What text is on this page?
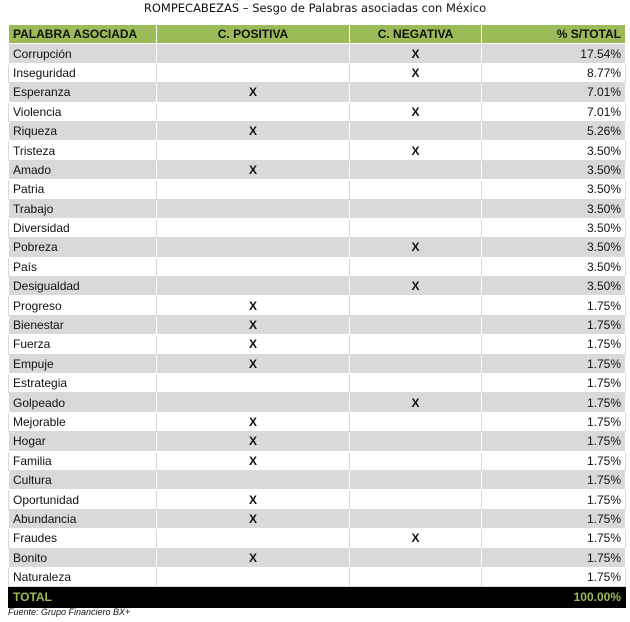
ROMPECABEZAS – Sesgo de Palabras asociadas con México
PALABRA ASOCIADA	C. POSITIVA	C. NEGATIVA	% S/TOTAL
Corrupción		X	17.54%
Inseguridad		X	8.77%
Esperanza	X		7.01%
Violencia		X	7.01%
Riqueza	X		5.26%
Tristeza		X	3.50%
Amado	X		3.50%
Patria			3.50%
Trabajo			3.50%
Diversidad			3.50%
Pobreza		X	3.50%
País			3.50%
Desigualdad		X	3.50%
Progreso	X		1.75%
Bienestar	X		1.75%
Fuerza	X		1.75%
Empuje	X		1.75%
Estrategia			1.75%
Golpeado		X	1.75%
Mejorable	X		1.75%
Hogar	X		1.75%
Familia	X		1.75%
Cultura			1.75%
Oportunidad	X		1.75%
Abundancia	X		1.75%
Fraudes		X	1.75%
Bonito	X		1.75%
Naturaleza			1.75%
TOTAL			100.00%
Fuente: Grupo Financiero BX+
